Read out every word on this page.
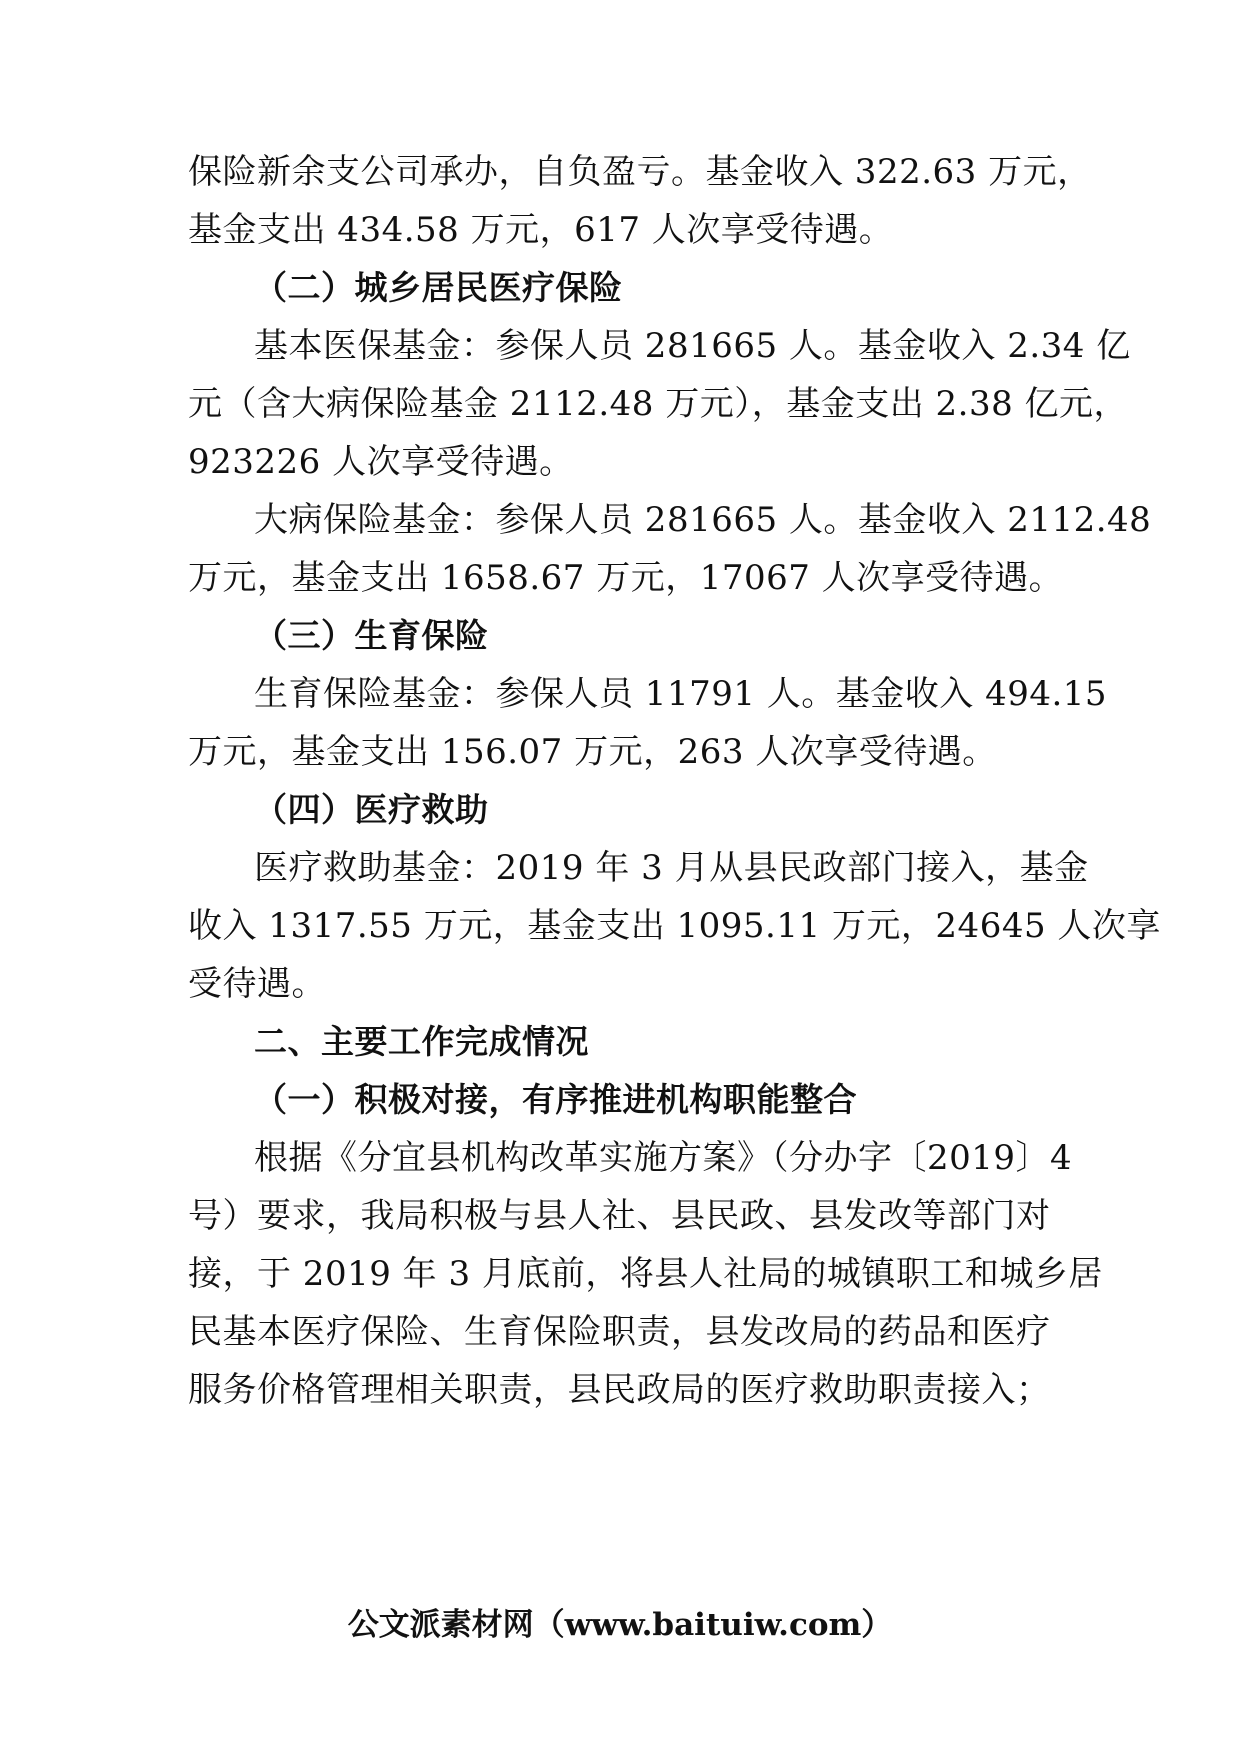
保险新余支公司承办，自负盈亏。基金收入 322.63 万元，
基金支出 434.58 万元，617 人次享受待遇。
（二）城乡居民医疗保险
基本医保基金：参保人员 281665 人。基金收入 2.34 亿
元（含大病保险基金 2112.48 万元），基金支出 2.38 亿元，
923226 人次享受待遇。
大病保险基金：参保人员 281665 人。基金收入 2112.48
万元，基金支出 1658.67 万元，17067 人次享受待遇。
（三）生育保险
生育保险基金：参保人员 11791 人。基金收入 494.15
万元，基金支出 156.07 万元，263 人次享受待遇。
（四）医疗救助
医疗救助基金：2019 年 3 月从县民政部门接入，基金
收入 1317.55 万元，基金支出 1095.11 万元，24645 人次享
受待遇。
二、主要工作完成情况
（一）积极对接，有序推进机构职能整合
根据《分宜县机构改革实施方案》（分办字〔2019〕4
号）要求，我局积极与县人社、县民政、县发改等部门对
接，于 2019 年 3 月底前，将县人社局的城镇职工和城乡居
民基本医疗保险、生育保险职责，县发改局的药品和医疗
服务价格管理相关职责，县民政局的医疗救助职责接入；
公文派素材网（www.baituiw.com）
